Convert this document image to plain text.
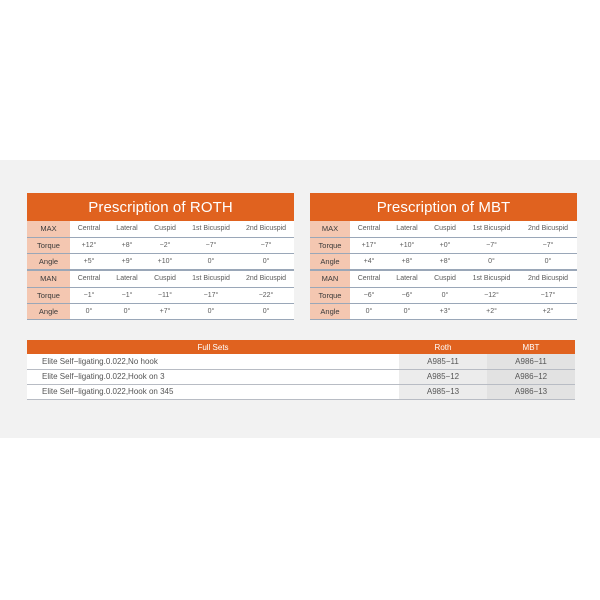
Prescription of ROTH					
MAX	Central	Lateral	Cuspid	1st Bicuspid	2nd Bicuspid
Torque	+12°	+8°	−2°	−7°	−7°
Angle	+5°	+9°	+10°	0°	0°

MAN	Central	Lateral	Cuspid	1st Bicuspid	2nd Bicuspid
Torque	−1°	−1°	−11°	−17°	−22°
Angle	0°	0°	+7°	0°	0°
Prescription of MBT					
MAX	Central	Lateral	Cuspid	1st Bicuspid	2nd Bicuspid
Torque	+17°	+10°	+0°	−7°	−7°
Angle	+4°	+8°	+8°	0°	0°

MAN	Central	Lateral	Cuspid	1st Bicuspid	2nd Bicuspid
Torque	−6°	−6°	0°	−12°	−17°
Angle	0°	0°	+3°	+2°	+2°
Full Sets	Roth	MBT
Elite Self−ligating.0.022,No hook	A985−11	A986−11
Elite Self−ligating.0.022,Hook on 3	A985−12	A986−12
Elite Self−ligating.0.022,Hook on 345	A985−13	A986−13
